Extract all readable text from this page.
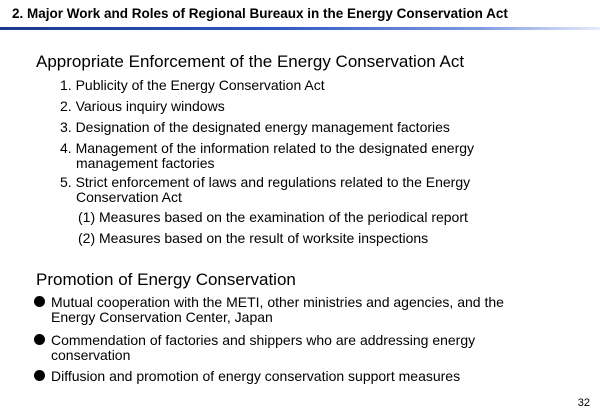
2. Major Work and Roles of Regional Bureaux in the Energy Conservation Act
Appropriate Enforcement of the Energy Conservation Act
1. Publicity of the Energy Conservation Act
2. Various inquiry windows
3. Designation of the designated energy management factories
4. Management of the information related to the designated energy
management factories
5. Strict enforcement of laws and regulations related to the Energy
Conservation Act
(1) Measures based on the examination of the periodical report
(2) Measures based on the result of worksite inspections
Promotion of Energy Conservation
Mutual cooperation with the METI, other ministries and agencies, and the
Energy Conservation Center, Japan
Commendation of factories and shippers who are addressing energy
conservation
Diffusion and promotion of energy conservation support measures
32
